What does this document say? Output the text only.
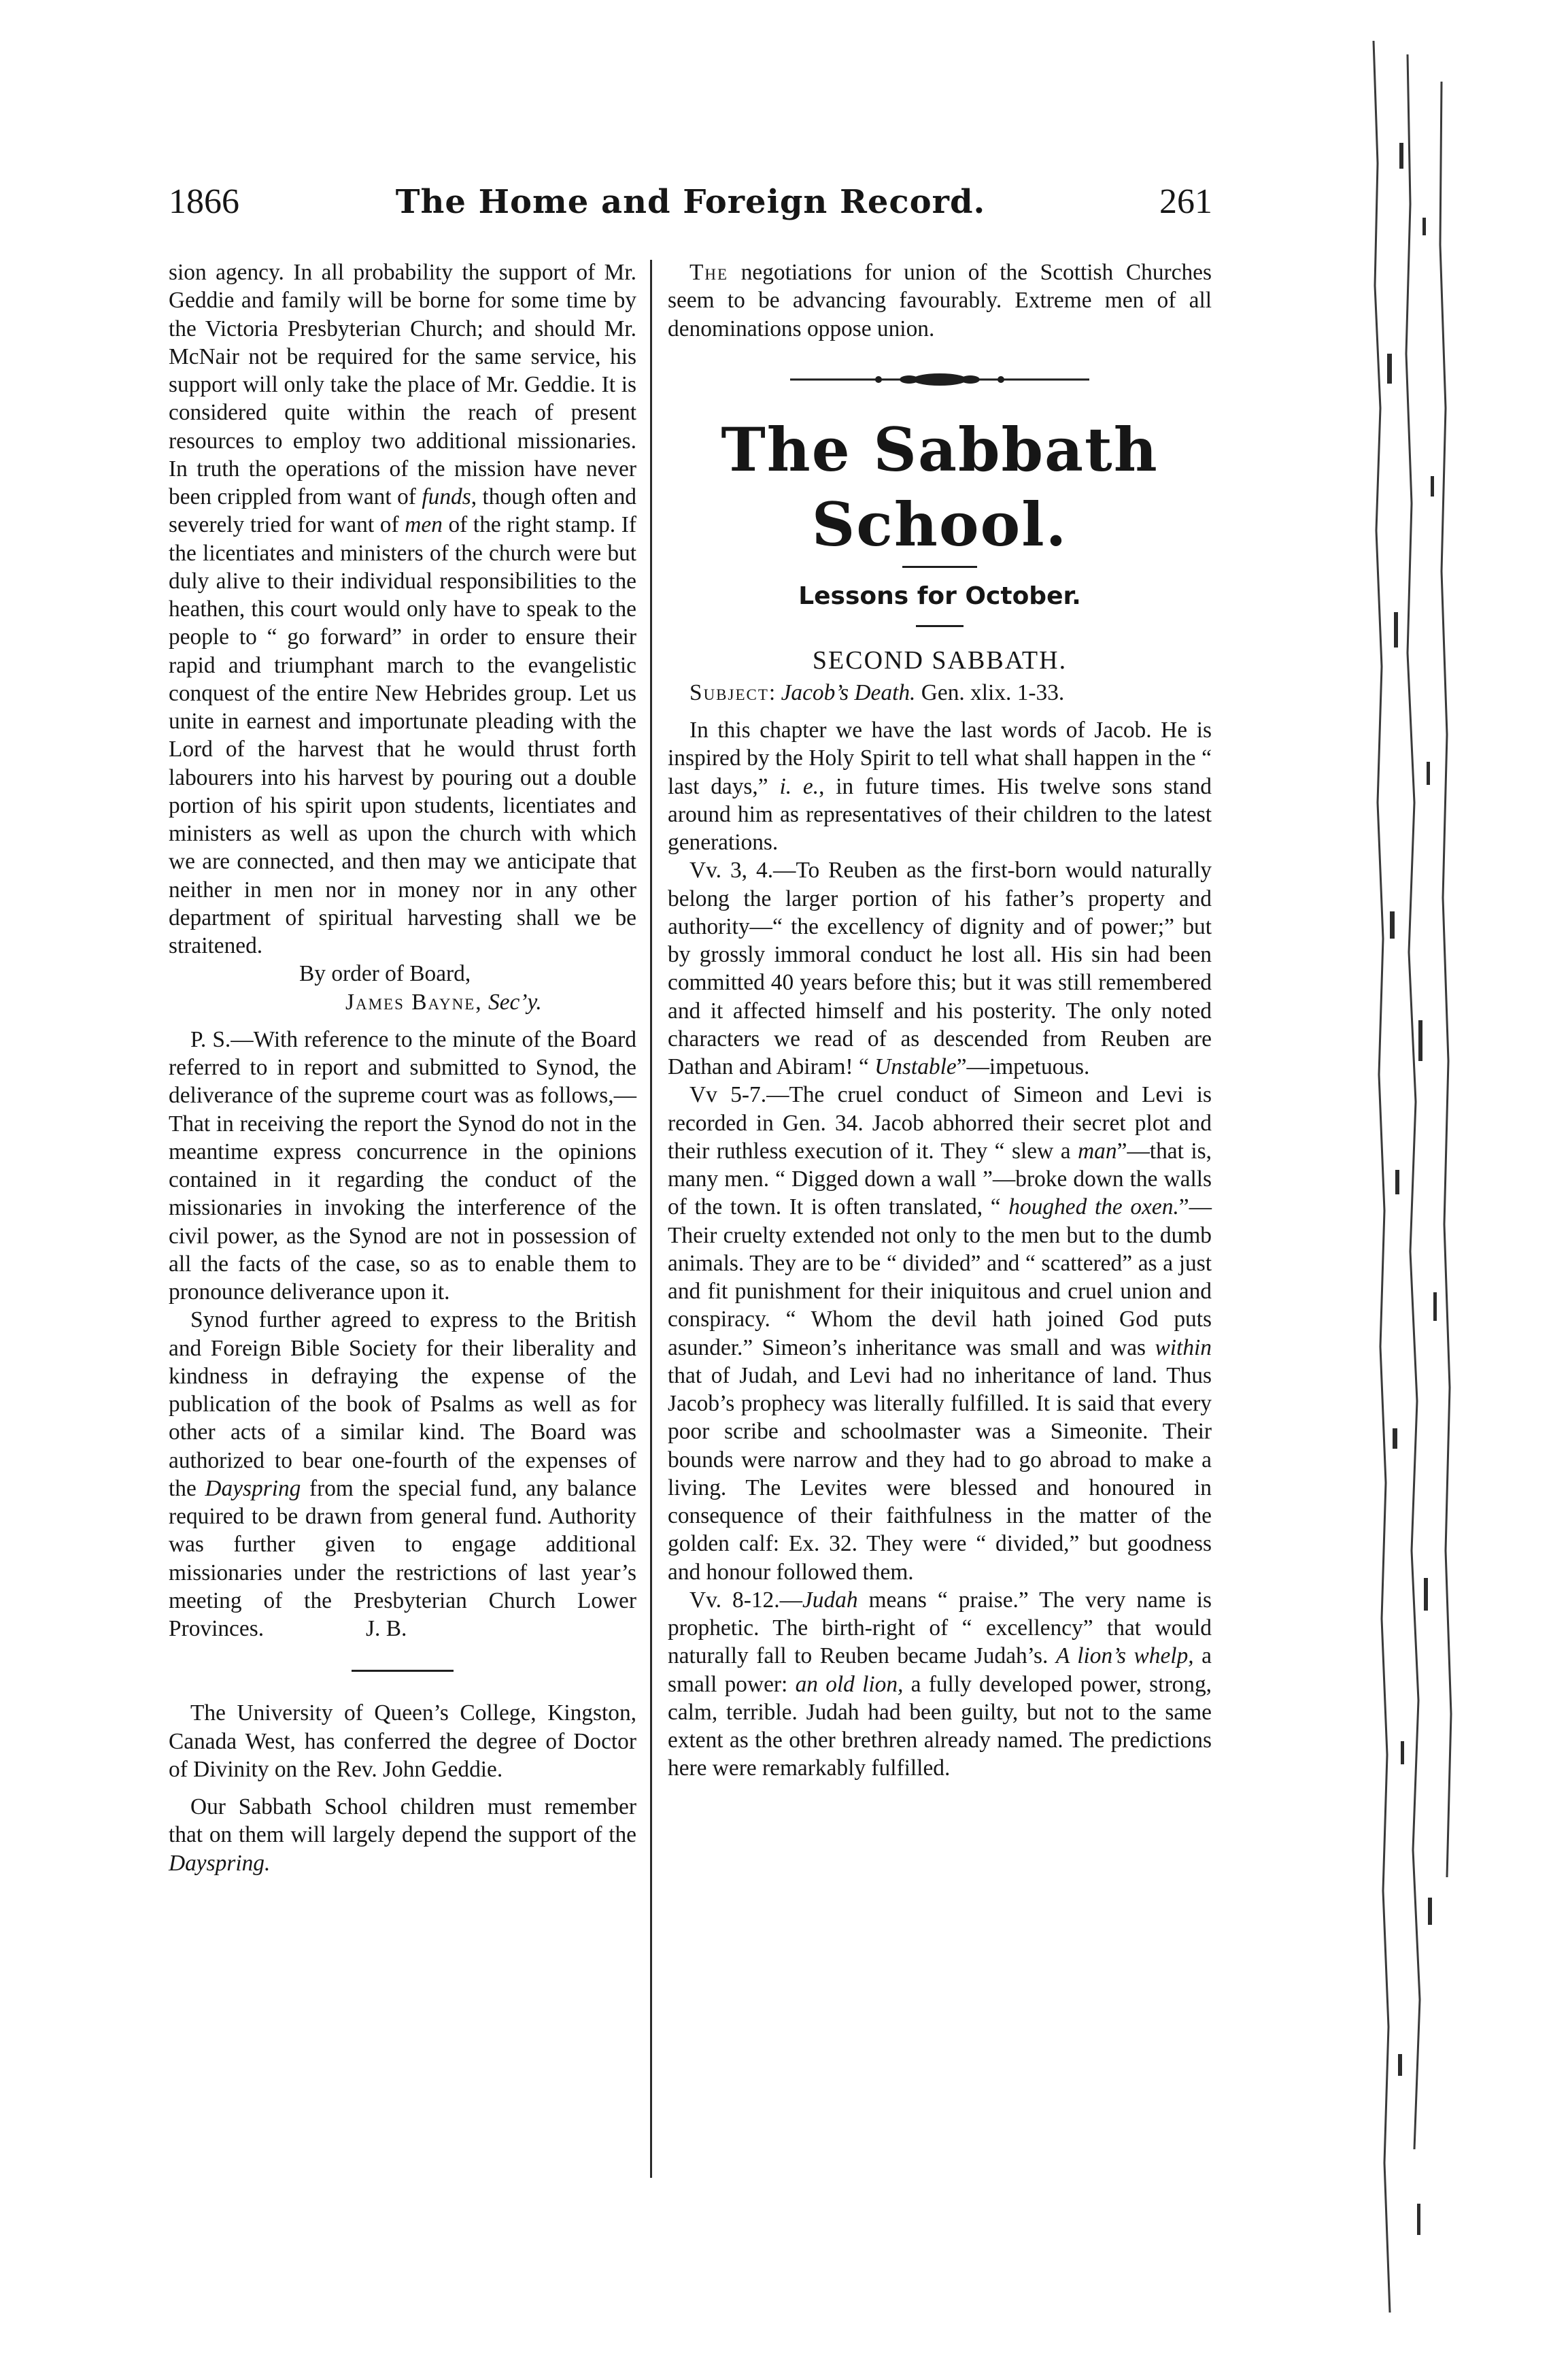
1866	The Home and Foreign Record.	261

sion agency. In all probability the support of Mr. Geddie and family will be borne for some time by the Victoria Presbyterian Church; and should Mr. McNair not be required for the same service, his support will only take the place of Mr. Geddie. It is considered quite within the reach of present resources to employ two additional missionaries. In truth the operations of the mission have never been crippled from want of funds, though often and severely tried for want of men of the right stamp. If the licentiates and ministers of the church were but duly alive to their individual responsibilities to the heathen, this court would only have to speak to the people to “ go forward” in order to ensure their rapid and triumphant march to the evangelistic conquest of the entire New Hebrides group. Let us unite in earnest and importunate pleading with the Lord of the harvest that he would thrust forth labourers into his harvest by pouring out a double portion of his spirit upon students, licentiates and ministers as well as upon the church with which we are connected, and then may we anticipate that neither in men nor in money nor in any other department of spiritual harvesting shall we be straitened.

By order of Board,

James Bayne, Sec’y.

P. S.—With reference to the minute of the Board referred to in report and submitted to Synod, the deliverance of the supreme court was as follows,—That in receiving the report the Synod do not in the meantime express concurrence in the opinions contained in it regarding the conduct of the missionaries in invoking the interference of the civil power, as the Synod are not in possession of all the facts of the case, so as to enable them to pronounce deliverance upon it.

Synod further agreed to express to the British and Foreign Bible Society for their liberality and kindness in defraying the expense of the publication of the book of Psalms as well as for other acts of a similar kind. The Board was authorized to bear one-fourth of the expenses of the Dayspring from the special fund, any balance required to be drawn from general fund. Authority was further given to engage additional missionaries under the restrictions of last year’s meeting of the Presbyterian Church Lower Provinces.	J. B.

The University of Queen’s College, Kingston, Canada West, has conferred the degree of Doctor of Divinity on the Rev. John Geddie.

Our Sabbath School children must remember that on them will largely depend the support of the Dayspring.

The negotiations for union of the Scottish Churches seem to be advancing favourably. Extreme men of all denominations oppose union.

The Sabbath School.
Lessons for October.
SECOND SABBATH.

Subject: Jacob’s Death. Gen. xlix. 1-33.

In this chapter we have the last words of Jacob. He is inspired by the Holy Spirit to tell what shall happen in the “ last days,” i. e., in future times. His twelve sons stand around him as representatives of their children to the latest generations.

Vv. 3, 4.—To Reuben as the first-born would naturally belong the larger portion of his father’s property and authority—“ the excellency of dignity and of power;” but by grossly immoral conduct he lost all. His sin had been committed 40 years before this; but it was still remembered and it affected himself and his posterity. The only noted characters we read of as descended from Reuben are Dathan and Abiram! “ Unstable”—impetuous.

Vv 5-7.—The cruel conduct of Simeon and Levi is recorded in Gen. 34. Jacob abhorred their secret plot and their ruthless execution of it. They “ slew a man”—that is, many men. “ Digged down a wall ”—broke down the walls of the town. It is often translated, “ houghed the oxen.”—Their cruelty extended not only to the men but to the dumb animals. They are to be “ divided” and “ scattered” as a just and fit punishment for their iniquitous and cruel union and conspiracy. “ Whom the devil hath joined God puts asunder.” Simeon’s inheritance was small and was within that of Judah, and Levi had no inheritance of land. Thus Jacob’s prophecy was literally fulfilled. It is said that every poor scribe and schoolmaster was a Simeonite. Their bounds were narrow and they had to go abroad to make a living. The Levites were blessed and honoured in consequence of their faithfulness in the matter of the golden calf: Ex. 32. They were “ divided,” but goodness and honour followed them.

Vv. 8-12.—Judah means “ praise.” The very name is prophetic. The birth-right of “ excellency” that would naturally fall to Reuben became Judah’s. A lion’s whelp, a small power: an old lion, a fully developed power, strong, calm, terrible. Judah had been guilty, but not to the same extent as the other brethren already named. The predictions here were remarkably fulfilled.
